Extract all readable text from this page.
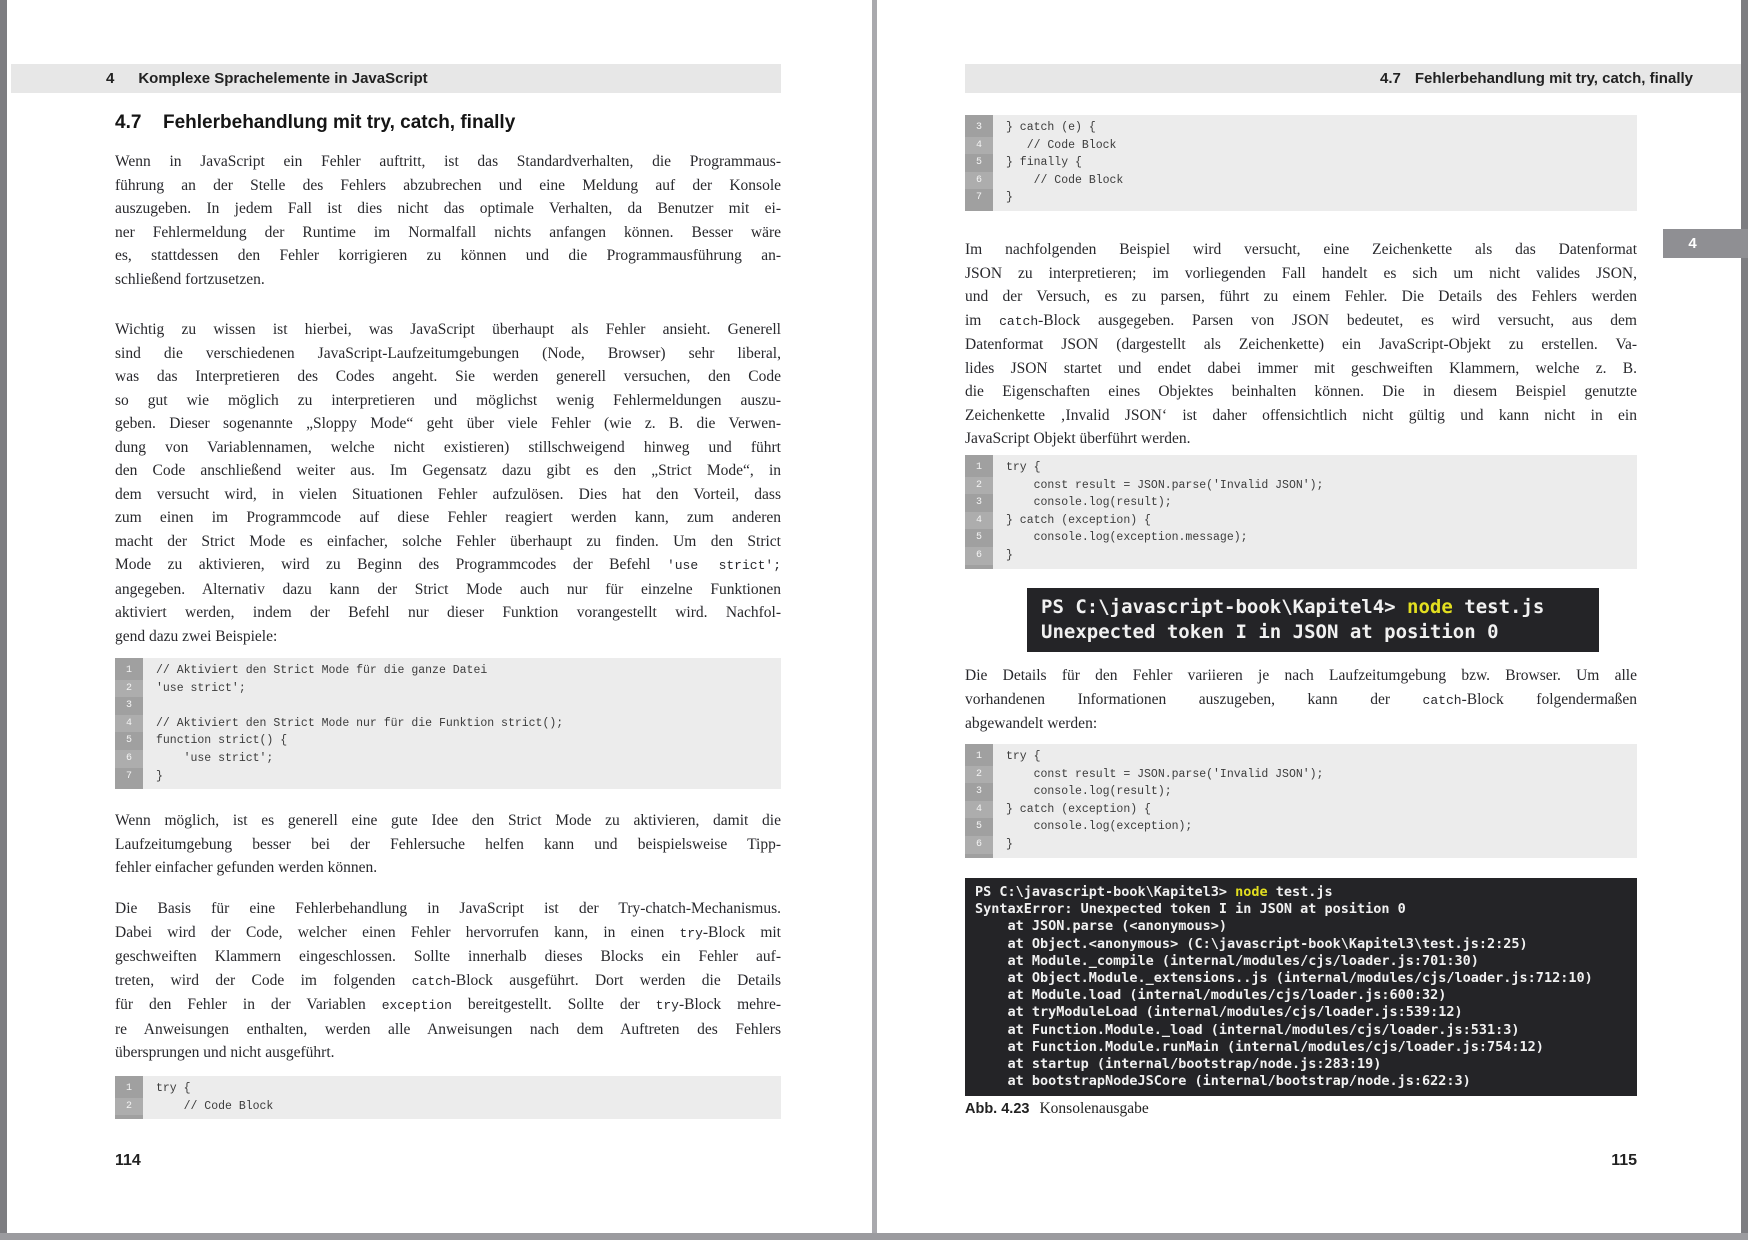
4 Komplexe Sprachelemente in JavaScript
4.7	Fehlerbehandlung mit try, catch, finally
Wenn in JavaScript ein Fehler auftritt, ist das Standardverhalten, die Programmaus-
führung an der Stelle des Fehlers abzubrechen und eine Meldung auf der Konsole
auszugeben. In jedem Fall ist dies nicht das optimale Verhalten, da Benutzer mit ei-
ner Fehlermeldung der Runtime im Normalfall nichts anfangen können. Besser wäre
es, stattdessen den Fehler korrigieren zu können und die Programmausführung an-
schließend fortzusetzen.
Wichtig zu wissen ist hierbei, was JavaScript überhaupt als Fehler ansieht. Generell
sind die verschiedenen JavaScript-Laufzeitumgebungen (Node, Browser) sehr liberal,
was das Interpretieren des Codes angeht. Sie werden generell versuchen, den Code
so gut wie möglich zu interpretieren und möglichst wenig Fehlermeldungen auszu-
geben. Dieser sogenannte „Sloppy Mode“ geht über viele Fehler (wie z. B. die Verwen-
dung von Variablennamen, welche nicht existieren) stillschweigend hinweg und führt
den Code anschließend weiter aus. Im Gegensatz dazu gibt es den „Strict Mode“, in
dem versucht wird, in vielen Situationen Fehler aufzulösen. Dies hat den Vorteil, dass
zum einen im Programmcode auf diese Fehler reagiert werden kann, zum anderen
macht der Strict Mode es einfacher, solche Fehler überhaupt zu finden. Um den Strict
Mode zu aktivieren, wird zu Beginn des Programmcodes der Befehl 'use strict';
angegeben. Alternativ dazu kann der Strict Mode auch nur für einzelne Funktionen
aktiviert werden, indem der Befehl nur dieser Funktion vorangestellt wird. Nachfol-
gend dazu zwei Beispiele:
1	// Aktiviert den Strict Mode für die ganze Datei
2	'use strict';
3

4	// Aktiviert den Strict Mode nur für die Funktion strict();
5	function strict() {
6	'use strict';
7	}
Wenn möglich, ist es generell eine gute Idee den Strict Mode zu aktivieren, damit die
Laufzeitumgebung besser bei der Fehlersuche helfen kann und beispielsweise Tipp-
fehler einfacher gefunden werden können.
Die Basis für eine Fehlerbehandlung in JavaScript ist der Try-chatch-Mechanismus.
Dabei wird der Code, welcher einen Fehler hervorrufen kann, in einen try-Block mit
geschweiften Klammern eingeschlossen. Sollte innerhalb dieses Blocks ein Fehler auf-
treten, wird der Code im folgenden catch-Block ausgeführt. Dort werden die Details
für den Fehler in der Variablen exception bereitgestellt. Sollte der try-Block mehre-
re Anweisungen enthalten, werden alle Anweisungen nach dem Auftreten des Fehlers
übersprungen und nicht ausgeführt.
1	try {
2	// Code Block
114
4.7 Fehlerbehandlung mit try, catch, finally
3	} catch (e) {
4	// Code Block
5	} finally {
6	// Code Block
7	}
Im nachfolgenden Beispiel wird versucht, eine Zeichenkette als das Datenformat
JSON zu interpretieren; im vorliegenden Fall handelt es sich um nicht valides JSON,
und der Versuch, es zu parsen, führt zu einem Fehler. Die Details des Fehlers werden
im catch-Block ausgegeben. Parsen von JSON bedeutet, es wird versucht, aus dem
Datenformat JSON (dargestellt als Zeichenkette) ein JavaScript-Objekt zu erstellen. Va-
lides JSON startet und endet dabei immer mit geschweiften Klammern, welche z. B.
die Eigenschaften eines Objektes beinhalten können. Die in diesem Beispiel genutzte
Zeichenkette ‚Invalid JSON‘ ist daher offensichtlich nicht gültig und kann nicht in ein
JavaScript Objekt überführt werden.
1	try {
2	const result = JSON.parse('Invalid JSON');
3	console.log(result);
4	} catch (exception) {
5	console.log(exception.message);
6	}
PS C:\javascript-book\Kapitel4> node test.js
Unexpected token I in JSON at position 0
Die Details für den Fehler variieren je nach Laufzeitumgebung bzw. Browser. Um alle
vorhandenen Informationen auszugeben, kann der catch-Block folgendermaßen
abgewandelt werden:
1	try {
2	const result = JSON.parse('Invalid JSON');
3	console.log(result);
4	} catch (exception) {
5	console.log(exception);
6	}
PS C:\javascript-book\Kapitel3> node test.js
SyntaxError: Unexpected token I in JSON at position 0
at JSON.parse (<anonymous>)
at Object.<anonymous> (C:\javascript-book\Kapitel3\test.js:2:25)
at Module._compile (internal/modules/cjs/loader.js:701:30)
at Object.Module._extensions..js (internal/modules/cjs/loader.js:712:10)
at Module.load (internal/modules/cjs/loader.js:600:32)
at tryModuleLoad (internal/modules/cjs/loader.js:539:12)
at Function.Module._load (internal/modules/cjs/loader.js:531:3)
at Function.Module.runMain (internal/modules/cjs/loader.js:754:12)
at startup (internal/bootstrap/node.js:283:19)
at bootstrapNodeJSCore (internal/bootstrap/node.js:622:3)
Abb. 4.23 Konsolenausgabe
115
4
